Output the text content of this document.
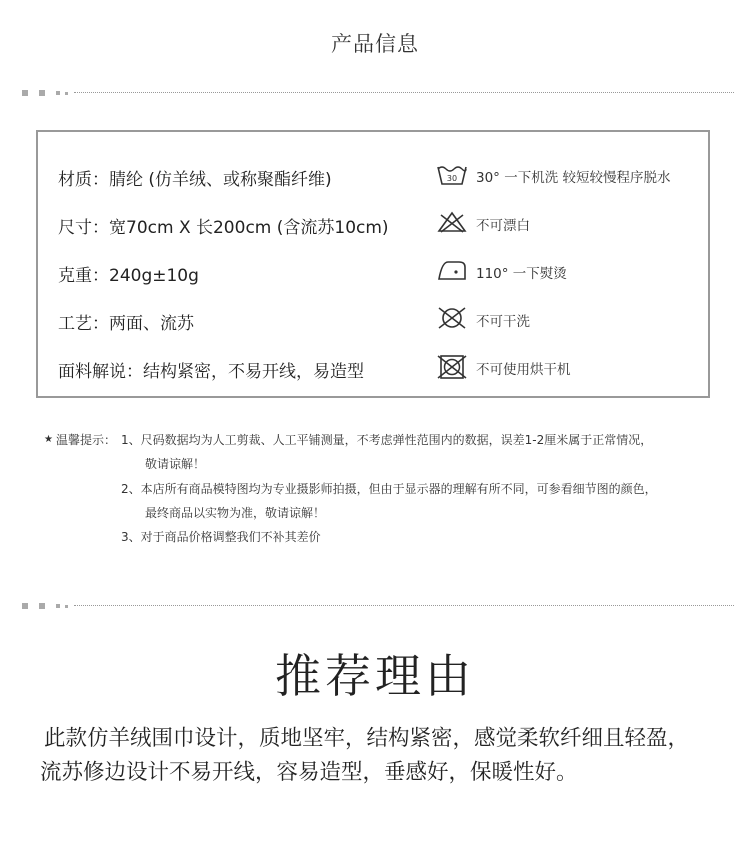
产品信息
材质：腈纶 (仿羊绒、或称聚酯纤维)
尺寸：宽70cm X 长200cm (含流苏10cm)
克重：240g±10g
工艺：两面、流苏
面料解说：结构紧密，不易开线，易造型
30 30° 一下机洗 较短较慢程序脱水
不可漂白
110° 一下熨烫
不可干洗
不可使用烘干机
★ 温馨提示： 1、尺码数据均为人工剪裁、人工平铺测量，不考虑弹性范围内的数据，误差1-2厘米属于正常情况，
敬请谅解！
2、本店所有商品模特图均为专业摄影师拍摄，但由于显示器的理解有所不同，可参看细节图的颜色，
最终商品以实物为准，敬请谅解！
3、对于商品价格调整我们不补其差价
推荐理由
此款仿羊绒围巾设计，质地坚牢，结构紧密，感觉柔软纤细且轻盈，
流苏修边设计不易开线，容易造型，垂感好，保暖性好。
